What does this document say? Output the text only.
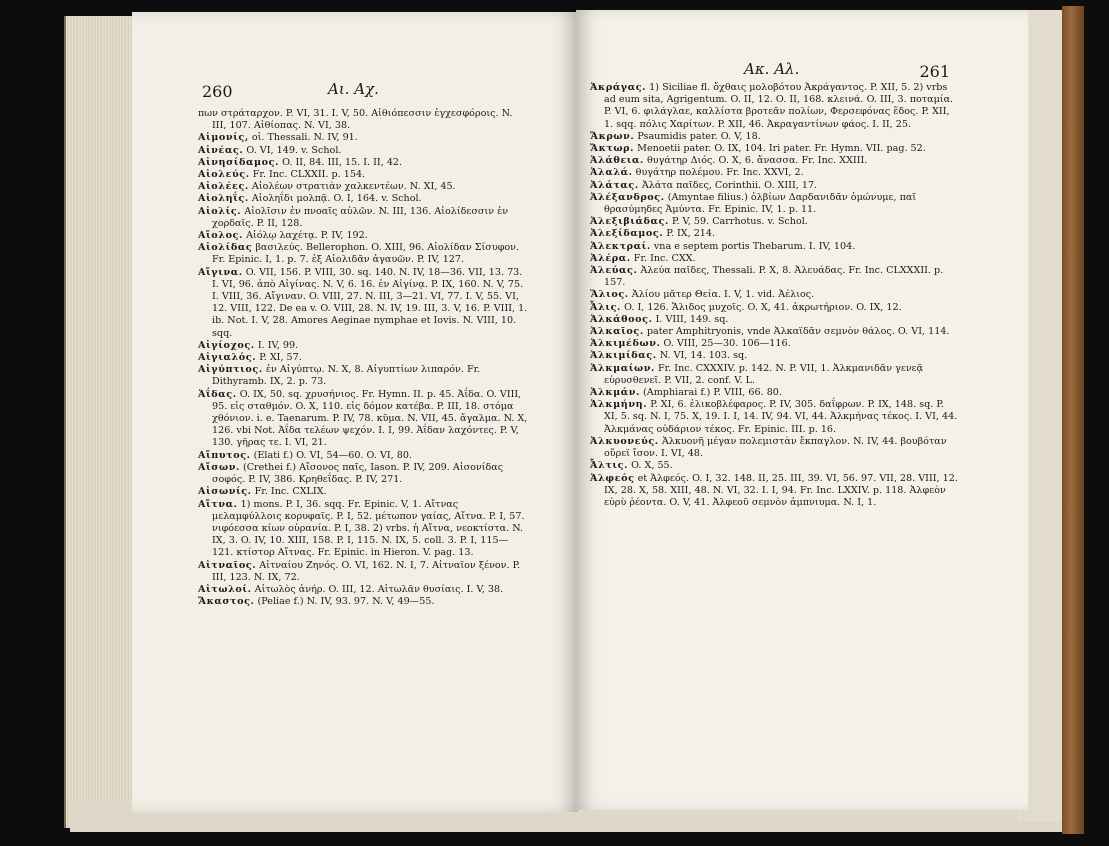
260	Αι. Αχ.

πων στράταρχον. P. VI, 31. I. V, 50. Αἰθιόπεσσιν ἐγχεσφόροις. N. III, 107. Αἰθίοπας. N. VI, 38.

Αἱμονίς, οἱ. Thessali. N. IV, 91.

Αἰνέας. O. VI, 149. v. Schol.

Αἰνησίδαμος. O. II, 84. III, 15. I. II, 42.

Αἰολεύς. Fr. Inc. CLXXII. p. 154.

Αἰολέες. Αἰολέων στρατιὰν χαλκεντέων. N. XI, 45.

Αἰοληΐς. Αἰοληΐδι μολπᾷ. O. I, 164. v. Schol.

Αἰολίς. Αἰολῖσιν ἐν πνοαῖς αὐλῶν. N. III, 136. Αἰολίδεσσιν ἐν χορδαῖς. P. II, 128.

Αἴολος. Αἰόλῳ λαχέτᾳ. P. IV, 192.

Αἰολίδας βασιλεύς. Bellerophon. O. XIII, 96. Αἰολίδαν Σίσυφον. Fr. Epinic. I, 1. p. 7. ἐξ Αἰολιδᾶν ἀγαυῶν. P. IV, 127.

Αἴγινα. O. VII, 156. P. VIII, 30. sq. 140. N. IV, 18—36. VII, 13. 73. I. VI, 96. ἀπὸ Αἰγίνας. N. V, 6. 16. ἐν Αἰγίνᾳ. P. IX, 160. N. V, 75. I. VIII, 36. Αἴγιναν. O. VIII, 27. N. III, 3—21. VI, 77. I. V, 55. VI, 12. VIII, 122. De ea v. O. VIII, 28. N. IV, 19. III, 3. V, 16. P. VIII, 1. ib. Not. I. V, 28. Amores Aeginae nymphae et Iovis. N. VIII, 10. sqq.

Αἰγίοχος. I. IV, 99.

Αἰγιαλός. P. XI, 57.

Αἰγύπτιος. ἐν Αἰγύπτῳ. N. X, 8. Αἰγυπτίων λιπαρόν. Fr. Dithyramb. IX, 2. p. 73.

Ἀΐδας. O. IX, 50. sq. χρυσήνιος. Fr. Hymn. II. p. 45. Ἀΐδα. O. VIII, 95. εἰς σταθμόν. O. X, 110. εἰς δόμον κατέβα. P. III, 18. στόμα χθόνιον. i. e. Taenarum. P. IV, 78. κῦμα. N. VII, 45. ἄγαλμα. N. X, 126. vbi Not. Ἀΐδα τελέων ψεχόν. I. I, 99. Ἀΐδαν λαχόντες. P. V, 130. γῆρας τε. I. VI, 21.

Αἴπυτος. (Elati f.) O. VI, 54—60. O. VI, 80.

Αἴσων. (Crethei f.) Αἴσονος παῖς, Iason. P. IV, 209. Αἰσονίδας σοφός. P. IV, 386. Κρηθεΐδας. P. IV, 271.

Αἰσωνίς. Fr. Inc. CXLIX.

Αἴτνα. 1) mons. P. I, 36. sqq. Fr. Epinic. V, 1. Αἴτνας μελαμφύλλοις κορυφαῖς. P. I, 52. μέτωπον γαίας, Αἴτνα. P. I, 57. νιφόεσσα κίων οὐρανία. P. I, 38. 2) vrbs. ἡ Αἴτνα, νεοκτίστα. N. IX, 3. O. IV, 10. XIII, 158. P. I, 115. N. IX, 5. coll. 3. P. I, 115—121. κτίστορ Αἴτνας. Fr. Epinic. in Hieron. V. pag. 13.

Αἰτναῖος. Αἰτναίου Ζηνός. O. VI, 162. N. I, 7. Αἰτναῖον ξένον. P. III, 123. N. IX, 72.

Αἰτωλοί. Αἰτωλὸς ἀνήρ. O. III, 12. Αἰτωλᾶν θυσίαις. I. V, 38.

Ἄκαστος. (Peliae f.) N. IV, 93. 97. N. V, 49—55.

Ακ. Αλ.	261

Ἀκράγας. 1) Siciliae fl. ὄχθαις μολοβότου Ἀκράγαντος. P. XII, 5. 2) vrbs ad eum sita, Agrigentum. O. II, 12. O. II, 168. κλεινά. O. III, 3. ποταμία. P. VI, 6. φιλάγλαε, καλλίστα βροτεᾶν πολίων, Φερσεφόνας ἕδος. P. XII, 1. sqq. πόλις Χαρίτων. P. XII, 46. Ἀκραγαντίνων φάος. I. II, 25.

Ἄκρων. Psaumidis pater. O. V, 18.

Ἄκτωρ. Menoetii pater. O. IX, 104. Iri pater. Fr. Hymn. VII. pag. 52.

Ἀλάθεια. θυγάτηρ Διός. O. X, 6. ἄνασσα. Fr. Inc. XXIII.

Ἀλαλά. θυγάτηρ πολέμου. Fr. Inc. XXVI, 2.

Ἀλάτας. Ἀλάτα παῖδες, Corinthii. O. XIII, 17.

Ἀλέξανδρος. (Amyntae filius.) ὀλβίων Δαρδανιδᾶν ὁμώνυμε, παῖ θρασύμηδες Ἀμύντα. Fr. Epinic. IV, 1. p. 11.

Ἀλεξιβιάδας. P. V, 59. Carrhotus. v. Schol.

Ἀλεξίδαμος. P. IX, 214.

Ἀλεκτραί. vna e septem portis Thebarum. I. IV, 104.

Ἀλέρα. Fr. Inc. CXX.

Ἀλεύας. Ἀλεύα παῖδες, Thessali. P. X, 8. Ἀλευάδας. Fr. Inc. CLXXXII. p. 157.

Ἅλιος. Ἀλίου μᾶτερ Θεία. I. V, 1. vid. Ἀέλιος.

Ἆλις. O. I, 126. Ἄλιδος μυχοῖς. O. X, 41. ἀκρωτήριον. O. IX, 12.

Ἀλκάθοος. I. VIII, 149. sq.

Ἀλκαῖος. pater Amphitryonis, vnde Ἀλκαϊδᾶν σεμνὸν θάλος. O. VI, 114.

Ἀλκιμέδων. O. VIII, 25—30. 106—116.

Ἀλκιμίδας. N. VI, 14. 103. sq.

Ἀλκμαίων. Fr. Inc. CXXXIV. p. 142. N. P. VII, 1. Ἀλκμανιδᾶν γενεᾷ εὐρυσθενεῖ. P. VII, 2. conf. V. L.

Ἀλκμάν. (Amphiarai f.) P. VIII, 66. 80.

Ἀλκμήνη. P. XI, 6. ἑλικοβλέφαρος. P. IV, 305. δαΐφρων. P. IX, 148. sq. P. XI, 5. sq. N. I, 75. X, 19. I. I, 14. IV, 94. VI, 44. Ἀλκμήνας τέκος. I. VI, 44. Ἀλκμάνας οὐδάριον τέκος. Fr. Epinic. III. p. 16.

Ἀλκυονεύς. Ἀλκυονῆ μέγαν πολεμιστὰν ἔκπαγλον. N. IV, 44. βουβόταν οὔρεϊ ἴσον. I. VI, 48.

Ἆλτις. O. X, 55.

Ἀλφεός et Ἀλφεός. O. I, 32. 148. II, 25. III, 39. VI, 56. 97. VII, 28. VIII, 12. IX, 28. X, 58. XIII, 48. N. VI, 32. I. I, 94. Fr. Inc. LXXIV. p. 118. Ἀλφεὸν εὐρὺ ῥέοντα. O. V, 41. Ἀλφεοῦ σεμνὸν ἀμπνιυμα. N. I, 1.
